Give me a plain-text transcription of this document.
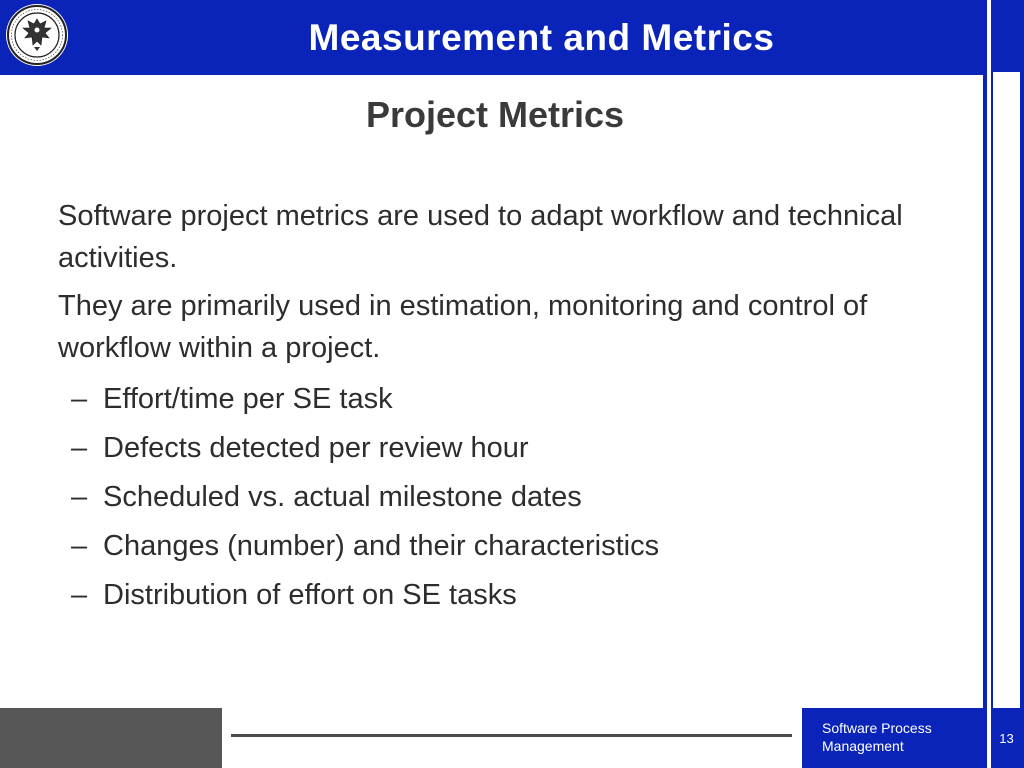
Measurement and Metrics
Project Metrics

Software project metrics are used to adapt workflow and technical activities.

They are primarily used in estimation, monitoring and control of workflow within a project.

– Effort/time per SE task
– Defects detected per review hour
– Scheduled vs. actual milestone dates
– Changes (number) and their characteristics
– Distribution of effort on SE tasks
Software Process
Management	13
